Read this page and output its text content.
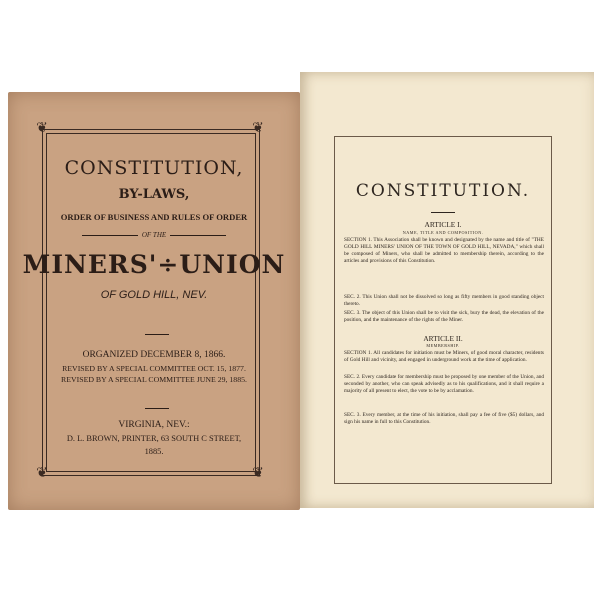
❦	❦
❦	❦
CONSTITUTION,
BY-LAWS,
ORDER OF BUSINESS AND RULES OF ORDER
OF THE
MINERS'÷UNION
OF GOLD HILL, NEV.
ORGANIZED DECEMBER 8, 1866.
REVISED BY A SPECIAL COMMITTEE OCT. 15, 1877.
REVISED BY A SPECIAL COMMITTEE JUNE 29, 1885.
VIRGINIA, NEV.:
D. L. BROWN, PRINTER, 63 SOUTH C STREET,
1885.
CONSTITUTION.
ARTICLE I.
NAME, TITLE AND COMPOSITION.
SECTION 1. This Association shall be known and designated by the name and title of "THE GOLD HILL MINERS' UNION OF THE TOWN OF GOLD HILL, NEVADA," which shall be composed of Miners, who shall be admitted to membership therein, according to the articles and provisions of this Constitution.
SEC. 2. This Union shall not be dissolved so long as fifty members in good standing object thereto.
SEC. 3. The object of this Union shall be to visit the sick, bury the dead, the elevation of the position, and the maintenance of the rights of the Miner.
ARTICLE II.
MEMBERSHIP.
SECTION 1. All candidates for initiation must be Miners, of good moral character, residents of Gold Hill and vicinity, and engaged in underground work at the time of application.
SEC. 2. Every candidate for membership must be proposed by one member of the Union, and seconded by another, who can speak advisedly as to his qualifications, and it shall require a majority of all present to elect, the vote to be by acclamation.
SEC. 3. Every member, at the time of his initiation, shall pay a fee of five ($5) dollars, and sign his name in full to this Constitution.
